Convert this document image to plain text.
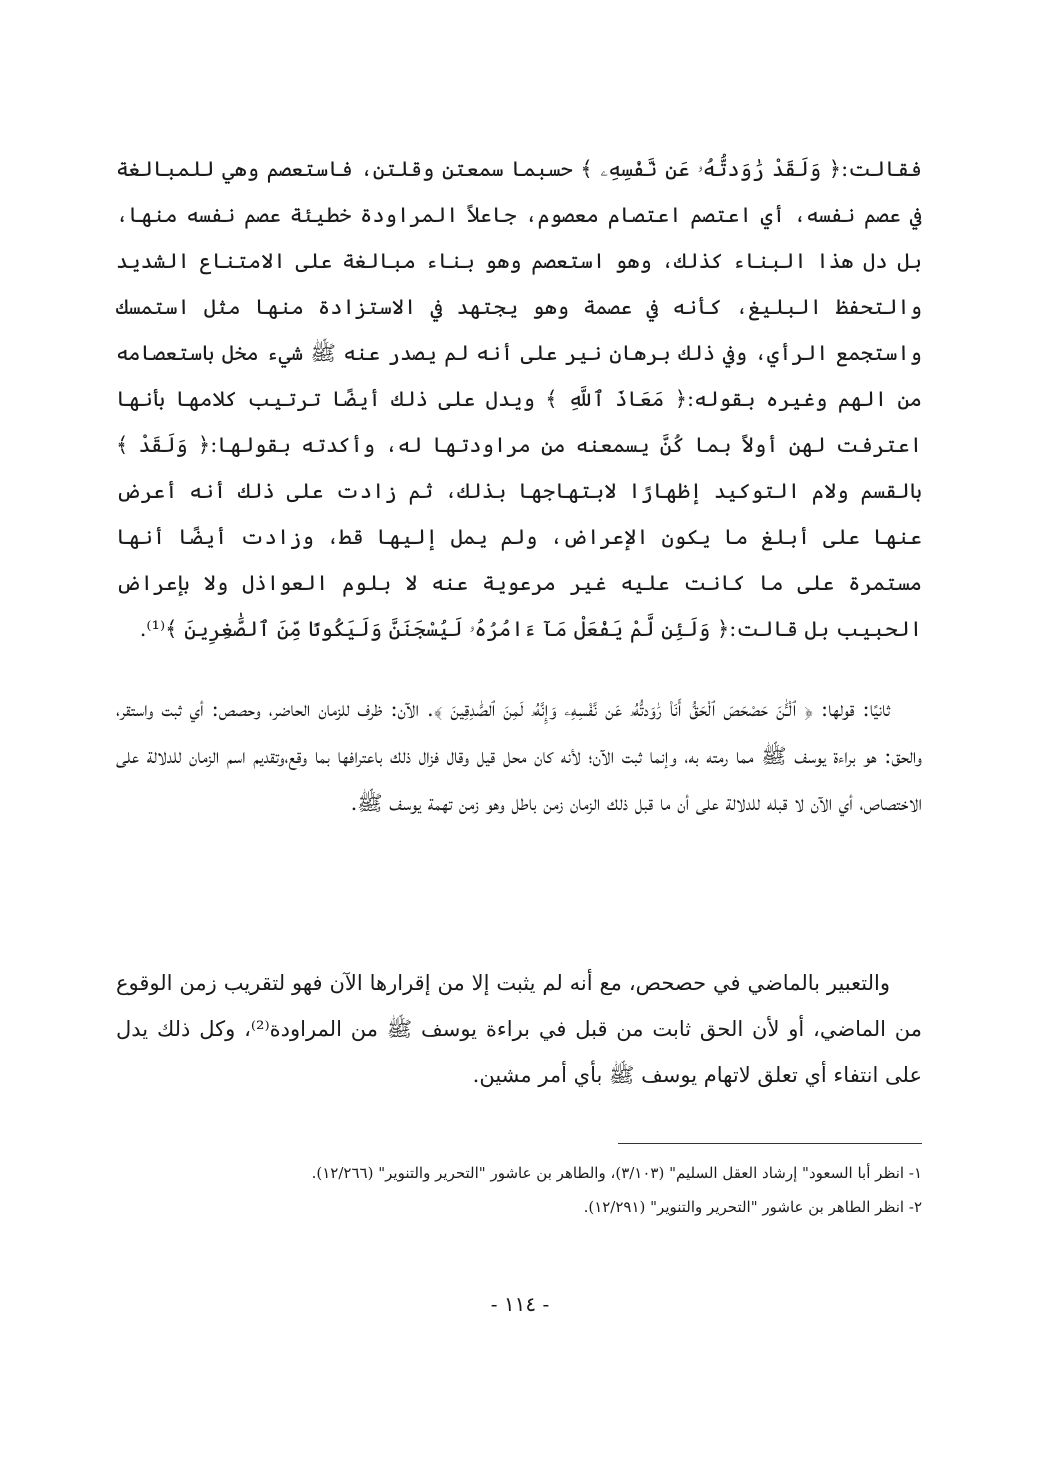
فقالت:﴿ وَلَقَدْ رَٰوَدتُّهُۥ عَن نَّفْسِهِۦ ﴾ حسبما سمعتن وقلتن، فاستعصم وهي للمبالغة في عصم نفسه، أي اعتصم اعتصام معصوم، جاعلاً المراودة خطيئة عصم نفسه منها، بل دل هذا البناء كذلك، وهو استعصم وهو بناء مبالغة على الامتناع الشديد والتحفظ البليغ، كأنه في عصمة وهو يجتهد في الاستزادة منها مثل استمسك واستجمع الرأي، وفي ذلك برهان نير على أنه لم يصدر عنه ﷺ شيء مخل باستعصامه من الهم وغيره بقوله:﴿ مَعَاذَ ٱللَّهِ ﴾ ويدل على ذلك أيضًا ترتيب كلامها بأنها اعترفت لهن أولاً بما كُنَّ يسمعنه من مراودتها له، وأكدته بقولها:﴿ وَلَقَدْ ﴾ بالقسم ولام التوكيد إظهارًا لابتهاجها بذلك، ثم زادت على ذلك أنه أعرض عنها على أبلغ ما يكون الإعراض، ولم يمل إليها قط، وزادت أيضًا أنها مستمرة على ما كانت عليه غير مرعوية عنه لا بلوم العواذل ولا بإعراض الحبيب بل قالت:﴿ وَلَئِن لَّمْ يَفْعَلْ مَآ ءَامُرُهُۥ لَيُسْجَنَنَّ وَلَيَكُونًا مِّنَ ٱلصَّٰغِرِينَ ﴾⁽¹⁾.

ثانيًا: قولها: ﴿ ٱلْـَٰٔنَ حَصْحَصَ ٱلْحَقُّ أَنَا۠ رَٰوَدتُّهُۥ عَن نَّفْسِهِۦ وَإِنَّهُۥ لَمِنَ ٱلصَّٰدِقِينَ ﴾. الآن: ظرف للزمان الحاضر، وحصص: أي ثبت واستقر، والحق: هو براءة يوسف ﷺ مما رمته به، وإنما ثبت الآن؛ لأنه كان محل قيل وقال فزال ذلك باعترافها بما وقع،وتقديم اسم الزمان للدلالة على الاختصاص، أي الآن لا قبله للدلالة على أن ما قبل ذلك الزمان زمن باطل وهو زمن تهمة يوسف ﷺ.

والتعبير بالماضي في حصحص، مع أنه لم يثبت إلا من إقرارها الآن فهو لتقريب زمن الوقوع من الماضي، أو لأن الحق ثابت من قبل في براءة يوسف ﷺ من المراودة⁽²⁾، وكل ذلك يدل على انتفاء أي تعلق لاتهام يوسف ﷺ بأي أمر مشين.

١- انظر أبا السعود" إرشاد العقل السليم" (٣/١٠٣)، والطاهر بن عاشور "التحرير والتنوير" (١٢/٢٦٦).

٢- انظر الطاهر بن عاشور "التحرير والتنوير" (١٢/٢٩١).

- ١١٤ -
